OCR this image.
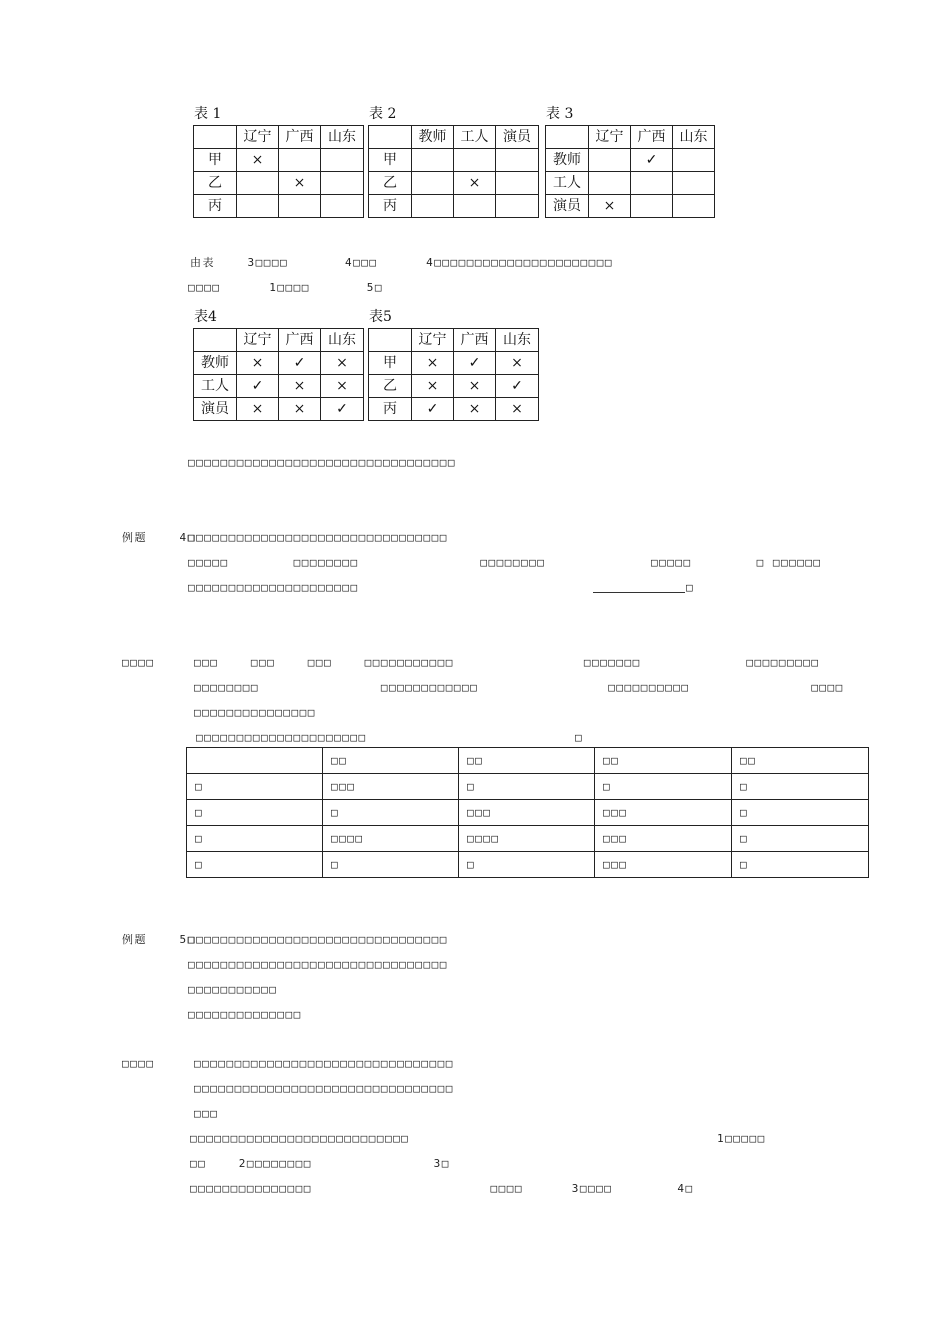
表 1
	辽宁	广西	山东
甲	×		
乙		×	
丙			
表 2
	教师	工人	演员
甲			
乙		×	
丙			
表 3
	辽宁	广西	山东
教师		✓	
工人			
演员	×		
由表    3□□□□       4□□□      4□□□□□□□□□□□□□□□□□□□□□□
□□□□      1□□□□       5□
表4
	辽宁	广西	山东
教师	×	✓	×
工人	✓	×	×
演员	×	×	✓
表5
	辽宁	广西	山东
甲	×	✓	×
乙	×	×	✓
丙	✓	×	×
□□□□□□□□□□□□□□□□□□□□□□□□□□□□□□□□□
例题    4□
□□□□□□□□□□□□□□□□□□□□□□□□□□□□□□□□
□□□□□        □□□□□□□□               □□□□□□□□             □□□□□        □ □□□□□□
□□□□□□□□□□□□□□□□□□□□□	□
□□□□	□□□    □□□    □□□    □□□□□□□□□□□                □□□□□□□             □□□□□□□□□
□□□□□□□□               □□□□□□□□□□□□                □□□□□□□□□□               □□□□
□□□□□□□□□□□□□□□
□□□□□□□□□□□□□□□□□□□□□	□
	□□	□□	□□	□□
□	□□□	□	□	□
□	□	□□□	□□□	□
□	□□□□	□□□□	□□□	□
□	□	□	□□□	□
例题    5□
□□□□□□□□□□□□□□□□□□□□□□□□□□□□□□□□
□□□□□□□□□□□□□□□□□□□□□□□□□□□□□□□□
□□□□□□□□□□□
□□□□□□□□□□□□□□
□□□□	□□□□□□□□□□□□□□□□□□□□□□□□□□□□□□□□
□□□□□□□□□□□□□□□□□□□□□□□□□□□□□□□□
□□□
□□□□□□□□□□□□□□□□□□□□□□□□□□□	1□□□□□
□□    2□□□□□□□□               3□
□□□□□□□□□□□□□□□                      □□□□      3□□□□        4□
